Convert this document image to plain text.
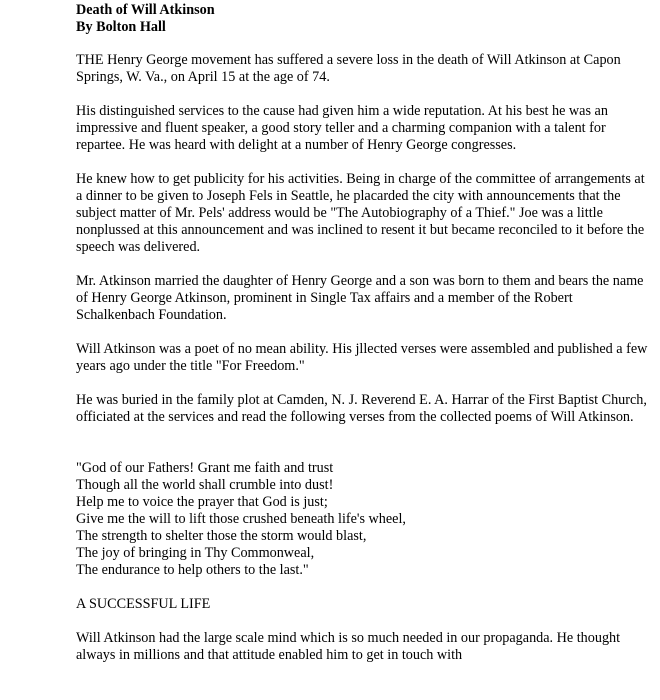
Death of Will Atkinson

By Bolton Hall

THE Henry George movement has suffered a severe loss in the death of Will Atkinson at Capon Springs, W. Va., on April 15 at the age of 74.

His distinguished services to the cause had given him a wide reputation. At his best he was an impressive and fluent speaker, a good story teller and a charming companion with a talent for repartee. He was heard with delight at a number of Henry George congresses.

He knew how to get publicity for his activities. Being in charge of the committee of arrangements at a dinner to be given to Joseph Fels in Seattle, he placarded the city with announcements that the subject matter of Mr. Pels' address would be "The Autobiography of a Thief." Joe was a little nonplussed at this announcement and was inclined to resent it but became reconciled to it before the speech was delivered.

Mr. Atkinson married the daughter of Henry George and a son was born to them and bears the name of Henry George Atkinson, prominent in Single Tax affairs and a member of the Robert Schalkenbach Foundation.

Will Atkinson was a poet of no mean ability. His jllected verses were assembled and published a few years ago under the title "For Freedom."

He was buried in the family plot at Camden, N. J. Reverend E. A. Harrar of the First Baptist Church, officiated at the services and read the following verses from the collected poems of Will Atkinson.

"God of our Fathers! Grant me faith and trust

Though all the world shall crumble into dust!

Help me to voice the prayer that God is just;

Give me the will to lift those crushed beneath life's wheel,

The strength to shelter those the storm would blast,

The joy of bringing in Thy Commonweal,

The endurance to help others to the last."

A SUCCESSFUL LIFE

Will Atkinson had the large scale mind which is so much needed in our propaganda. He thought always in millions and that attitude enabled him to get in touch with
